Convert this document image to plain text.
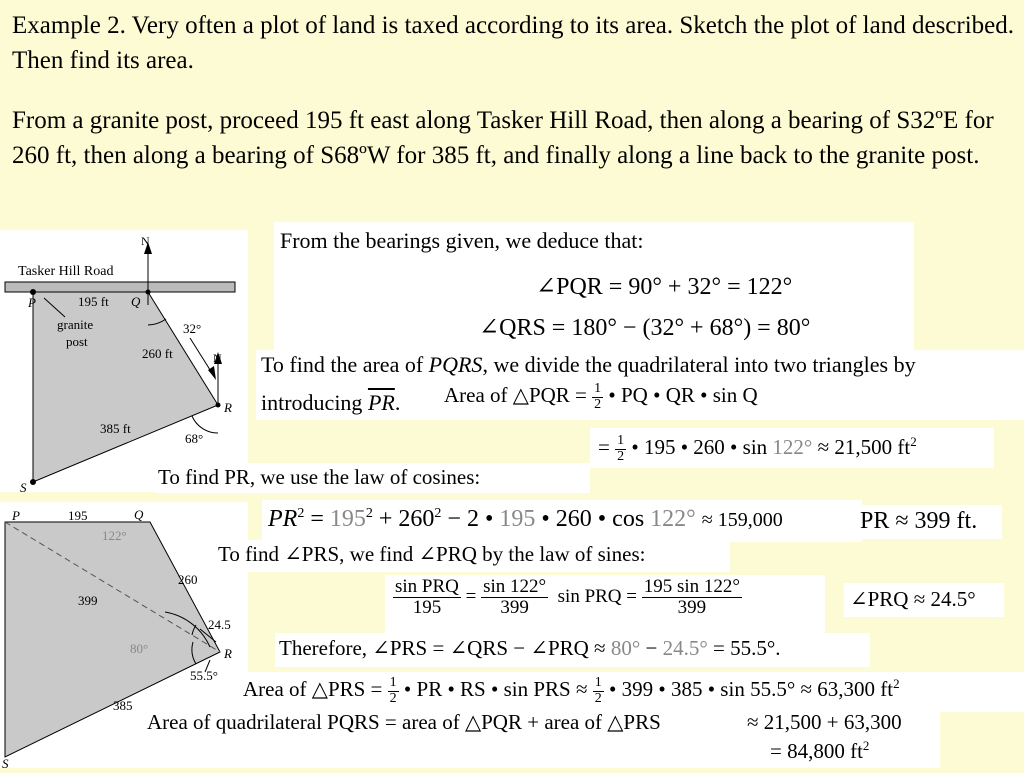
Example 2. Very often a plot of land is taxed according to its area. Sketch the plot of land described. Then find its area.
From a granite post, proceed 195 ft east along Tasker Hill Road, then along a bearing of S32ºE for 260 ft, then along a bearing of S68ºW for 385 ft, and finally along a line back to the granite post.
Tasker Hill Road
N
N
P	Q
R
S
195 ft
granite
post
32°
260 ft
385 ft
68°
P	Q
R
S
195
122°
260
399
24.5
80°
55.5°
385
From the bearings given, we deduce that:
∠PQR = 90° + 32° = 122°
∠QRS = 180° − (32° + 68°) = 80°
To find the area of PQRS, we divide the quadrilateral into two triangles by
introducing $\overline{PR}$. Area of △PQR = $\frac{1}{2}$ • PQ • QR • sin Q
= $\frac{1}{2}$ • 195 • 260 • sin 122° ≈ 21,500 $ft^2$
To find PR, we use the law of cosines:
$PR^2 = 195^2 + 260^2 - 2$ • 195 • 260 • cos 122° ≈ 159,000	PR ≈ 399 ft.
To find ∠PRS, we find ∠PRQ by the law of sines:
$\frac{\text{sin PRQ}}{195} = \frac{\sin 122^\circ}{399}$ sin PRQ = $\frac{195 \sin 122^\circ}{399}$	∠PRQ ≈ 24.5°
Therefore, ∠PRS = ∠QRS − ∠PRQ ≈ 80° − 24.5° = 55.5°.
Area of △PRS = $\frac{1}{2}$ • PR • RS • sin PRS ≈ $\frac{1}{2}$ • 399 • 385 • sin 55.5° ≈ 63,300 $ft^2$
Area of quadrilateral PQRS = area of △PQR + area of △PRS	≈ 21,500 + 63,300
= 84,800 $ft^2$
